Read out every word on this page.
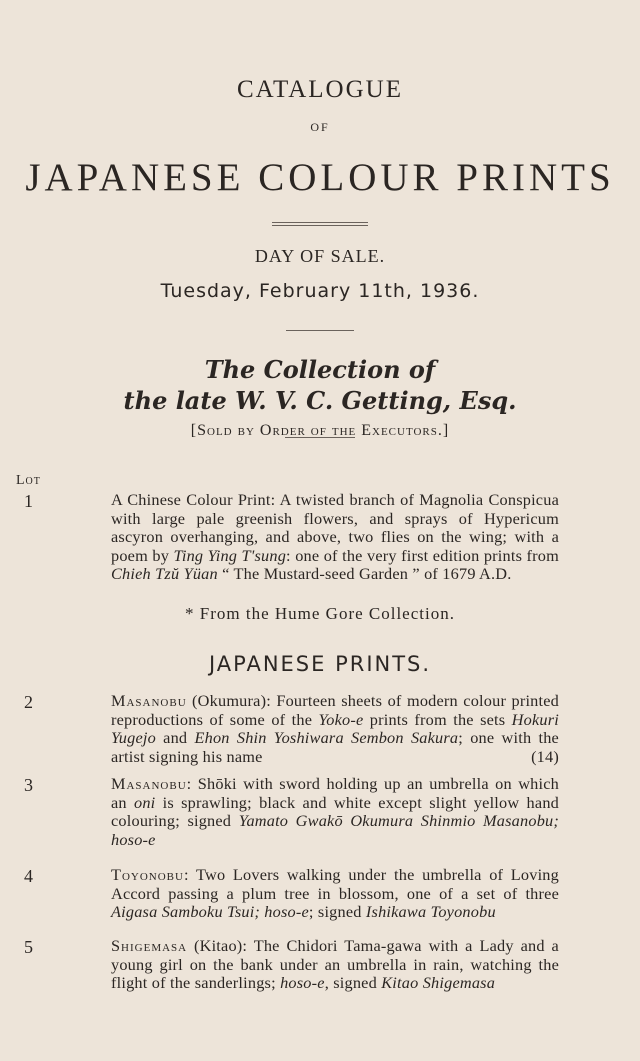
CATALOGUE
OF
JAPANESE COLOUR PRINTS
DAY OF SALE.
Tuesday, February 11th, 1936.
The Collection of
the late W. V. C. Getting, Esq.
[Sold by Order of the Executors.]
Lot
1	A Chinese Colour Print: A twisted branch of Magnolia Conspicua with large pale greenish flowers, and sprays of Hypericum ascyron overhanging, and above, two flies on the wing; with a poem by Ting Ying T'sung: one of the very first edition prints from Chieh Tzŭ Yüan “ The Mustard-seed Garden ” of 1679 A.D.
* From the Hume Gore Collection.
JAPANESE PRINTS.
2	Masanobu (Okumura): Fourteen sheets of modern colour printed reproductions of some of the Yoko-e prints from the sets Hokuri Yugejo and Ehon Shin Yoshiwara Sembon Sakura; one with the artist signing his name	(14)
3	Masanobu: Shōki with sword holding up an umbrella on which an oni is sprawling; black and white except slight yellow hand colouring; signed Yamato Gwakō Okumura Shinmio Masanobu; hoso-e
4	Toyonobu: Two Lovers walking under the umbrella of Loving Accord passing a plum tree in blossom, one of a set of three Aigasa Samboku Tsui; hoso-e; signed Ishikawa Toyonobu
5	Shigemasa (Kitao): The Chidori Tama-gawa with a Lady and a young girl on the bank under an umbrella in rain, watching the flight of the sanderlings; hoso-e, signed Kitao Shigemasa
